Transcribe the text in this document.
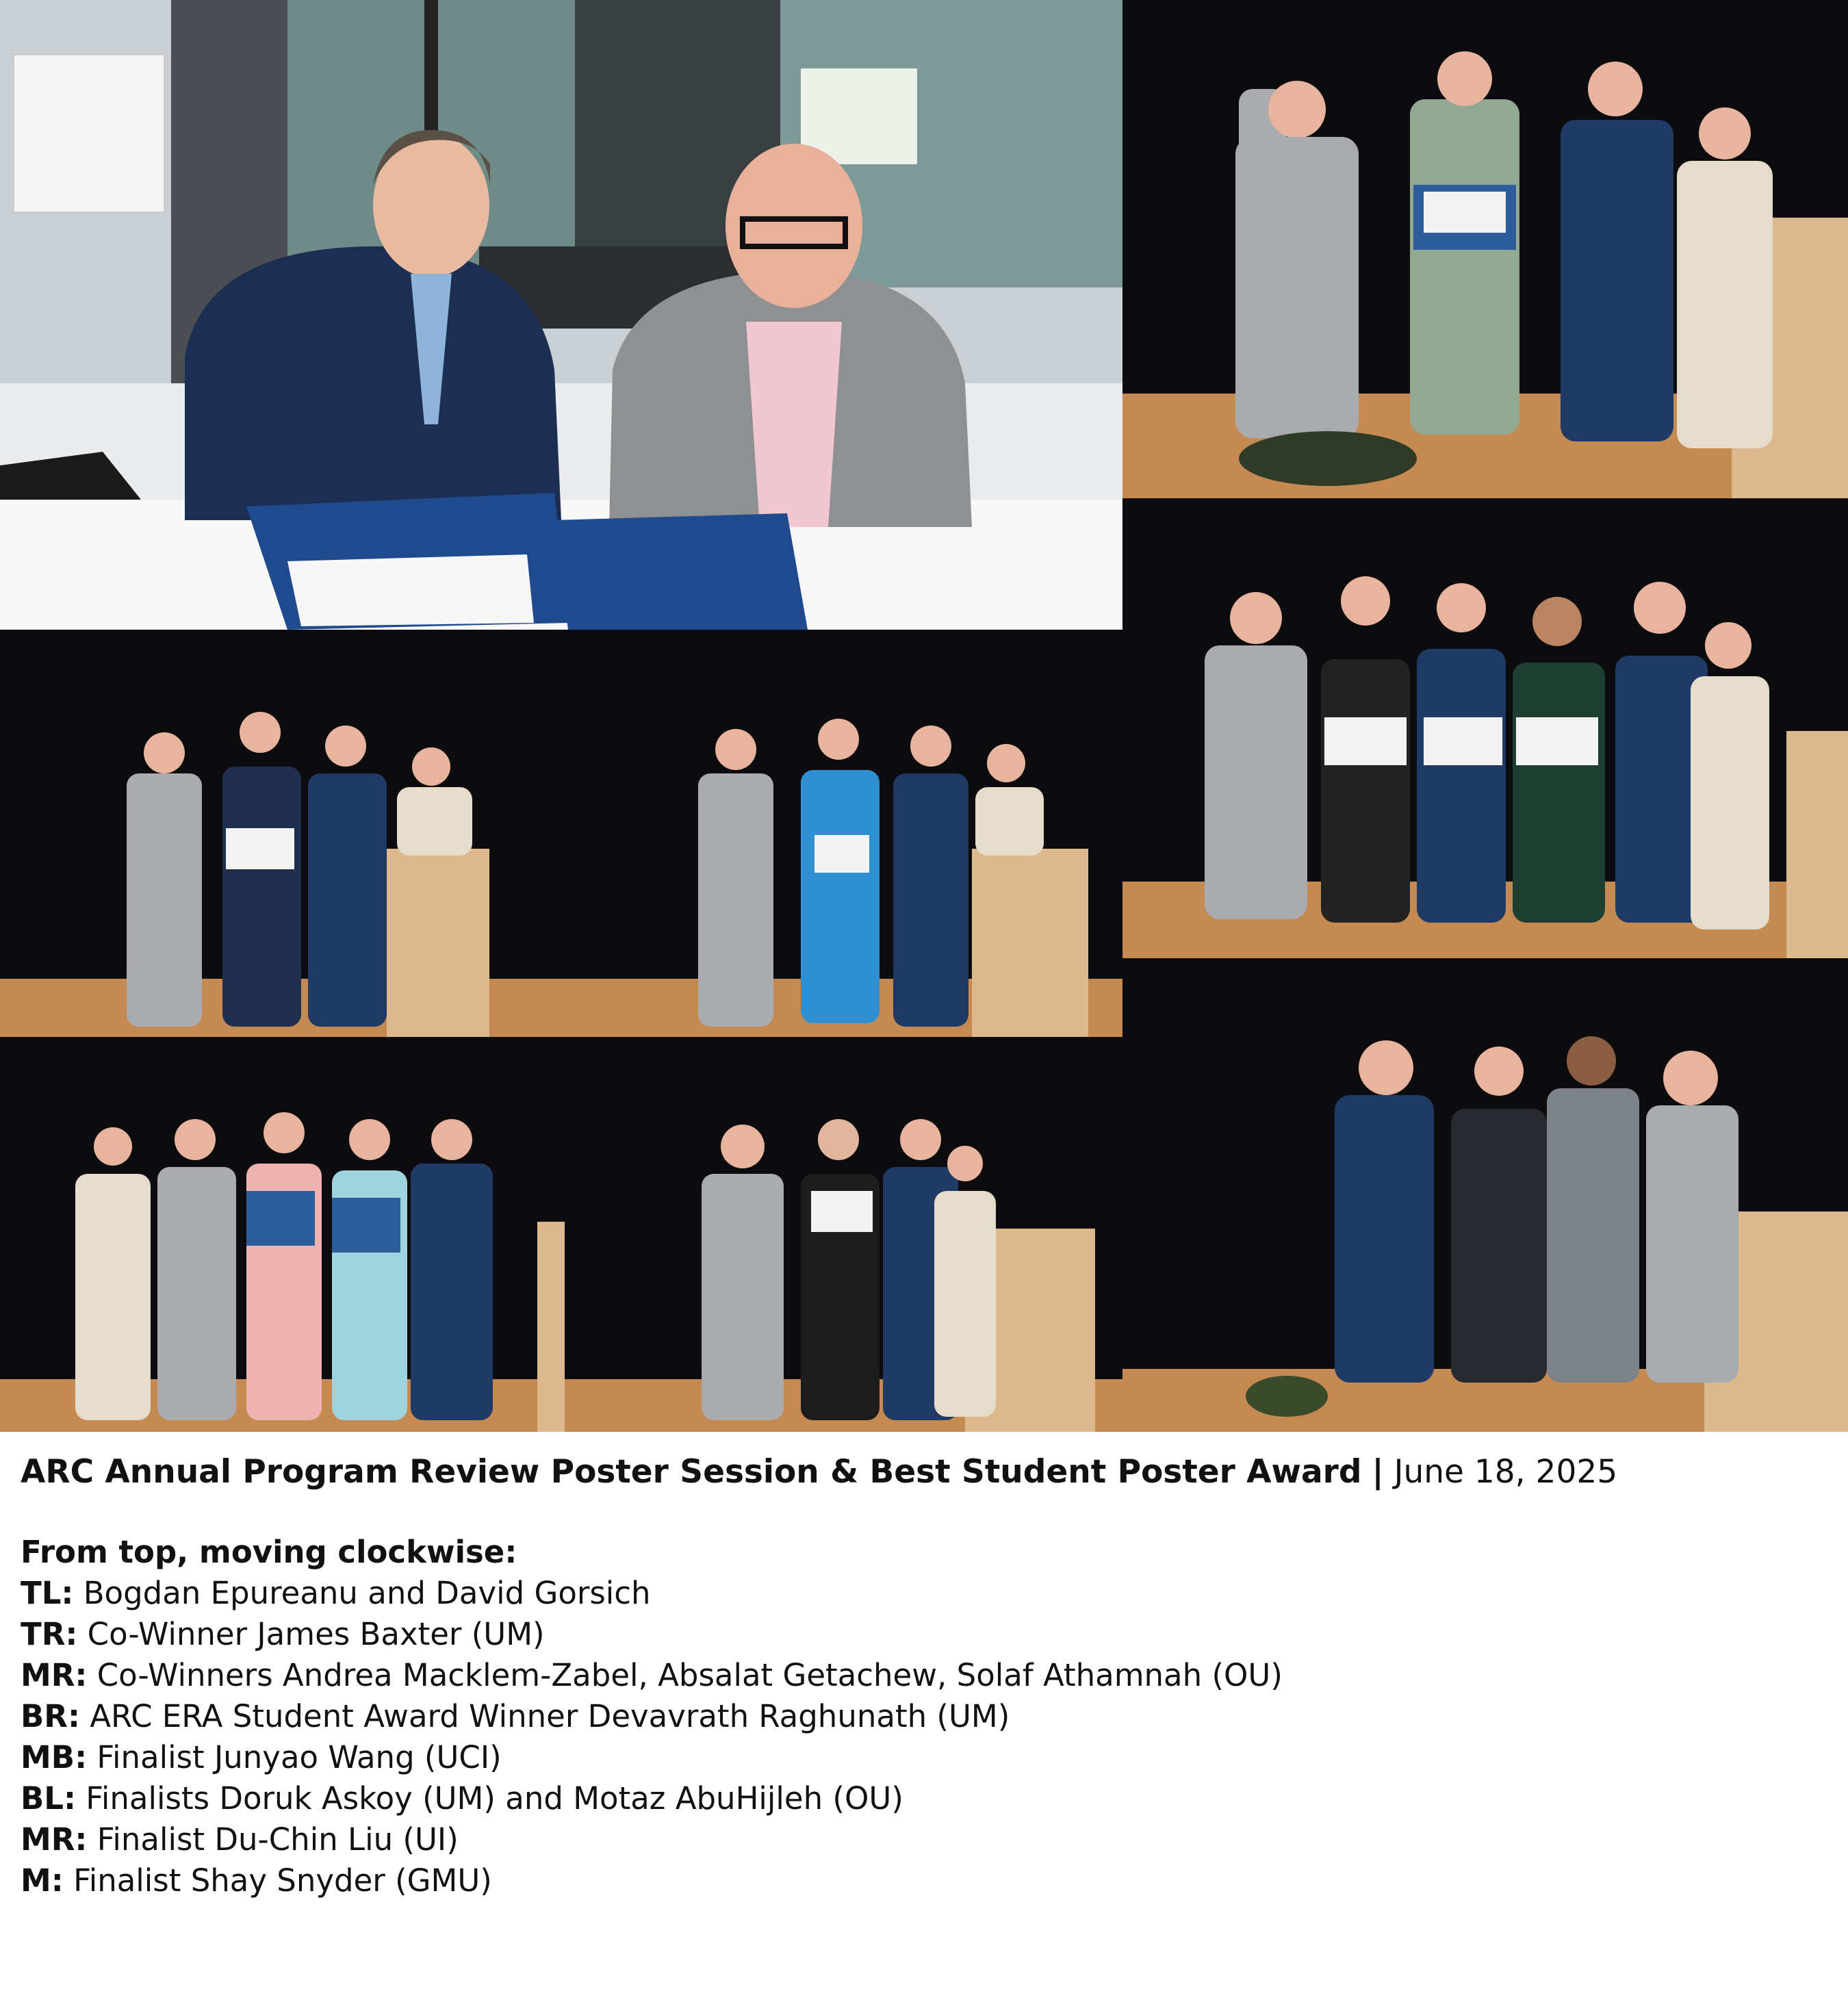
ARC Annual Program Review Poster Session & Best Student Poster Award | June 18, 2025
From top, moving clockwise:
TL: Bogdan Epureanu and David Gorsich
TR: Co-Winner James Baxter (UM)
MR: Co-Winners Andrea Macklem-Zabel, Absalat Getachew, Solaf Athamnah (OU)
BR: ARC ERA Student Award Winner Devavrath Raghunath (UM)
MB: Finalist Junyao Wang (UCI)
BL: Finalists Doruk Askoy (UM) and Motaz AbuHijleh (OU)
MR: Finalist Du-Chin Liu (UI)
M: Finalist Shay Snyder (GMU)
